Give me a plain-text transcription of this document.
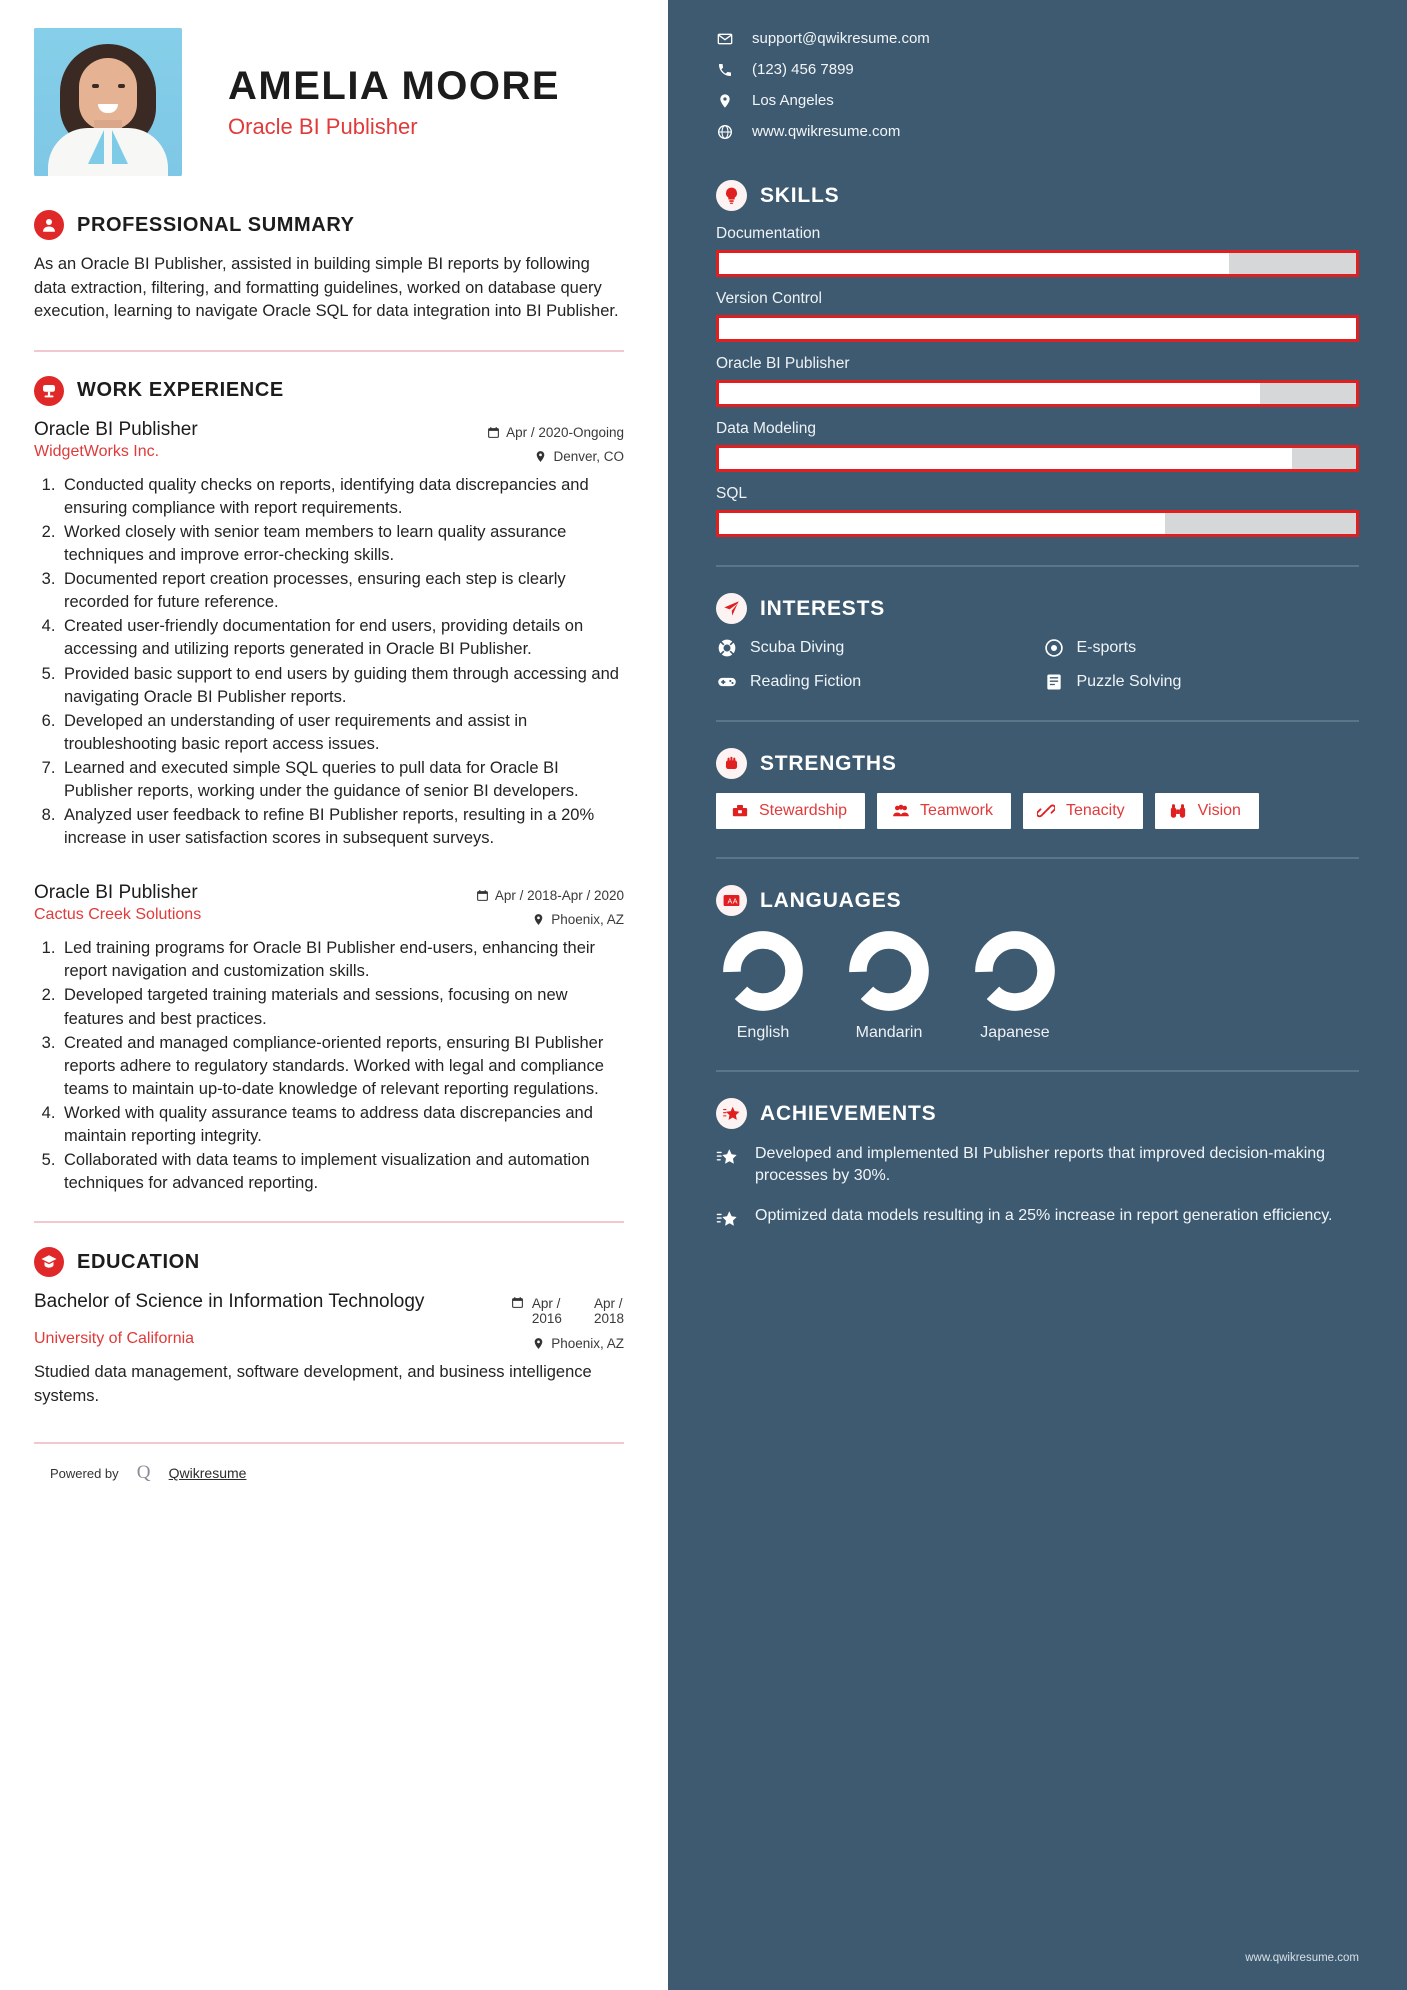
AMELIA MOORE
Oracle BI Publisher
PROFESSIONAL SUMMARY
As an Oracle BI Publisher, assisted in building simple BI reports by following data extraction, filtering, and formatting guidelines, worked on database query execution, learning to navigate Oracle SQL for data integration into BI Publisher.
WORK EXPERIENCE
Oracle BI Publisher	Apr / 2020-Ongoing
WidgetWorks Inc.	Denver, CO
1. Conducted quality checks on reports, identifying data discrepancies and ensuring compliance with report requirements.
2. Worked closely with senior team members to learn quality assurance techniques and improve error-checking skills.
3. Documented report creation processes, ensuring each step is clearly recorded for future reference.
4. Created user-friendly documentation for end users, providing details on accessing and utilizing reports generated in Oracle BI Publisher.
5. Provided basic support to end users by guiding them through accessing and navigating Oracle BI Publisher reports.
6. Developed an understanding of user requirements and assist in troubleshooting basic report access issues.
7. Learned and executed simple SQL queries to pull data for Oracle BI Publisher reports, working under the guidance of senior BI developers.
8. Analyzed user feedback to refine BI Publisher reports, resulting in a 20% increase in user satisfaction scores in subsequent surveys.
Oracle BI Publisher	Apr / 2018-Apr / 2020
Cactus Creek Solutions	Phoenix, AZ
1. Led training programs for Oracle BI Publisher end-users, enhancing their report navigation and customization skills.
2. Developed targeted training materials and sessions, focusing on new features and best practices.
3. Created and managed compliance-oriented reports, ensuring BI Publisher reports adhere to regulatory standards. Worked with legal and compliance teams to maintain up-to-date knowledge of relevant reporting regulations.
4. Worked with quality assurance teams to address data discrepancies and maintain reporting integrity.
5. Collaborated with data teams to implement visualization and automation techniques for advanced reporting.
EDUCATION
Bachelor of Science in Information Technology	Apr /
2016
Apr /
2018
University of California	Phoenix, AZ
Studied data management, software development, and business intelligence systems.
Powered by Q	Qwikresume
support@qwikresume.com
(123) 456 7899
Los Angeles
www.qwikresume.com
SKILLS
Documentation
Version Control
Oracle BI Publisher
Data Modeling
SQL
INTERESTS
Scuba Diving	E-sports
Reading Fiction	Puzzle Solving
STRENGTHS
Stewardship	Teamwork	Tenacity	Vision
A A LANGUAGES
English	Mandarin	Japanese
ACHIEVEMENTS
Developed and implemented BI Publisher reports that improved decision-making processes by 30%.
Optimized data models resulting in a 25% increase in report generation efficiency.
www.qwikresume.com
